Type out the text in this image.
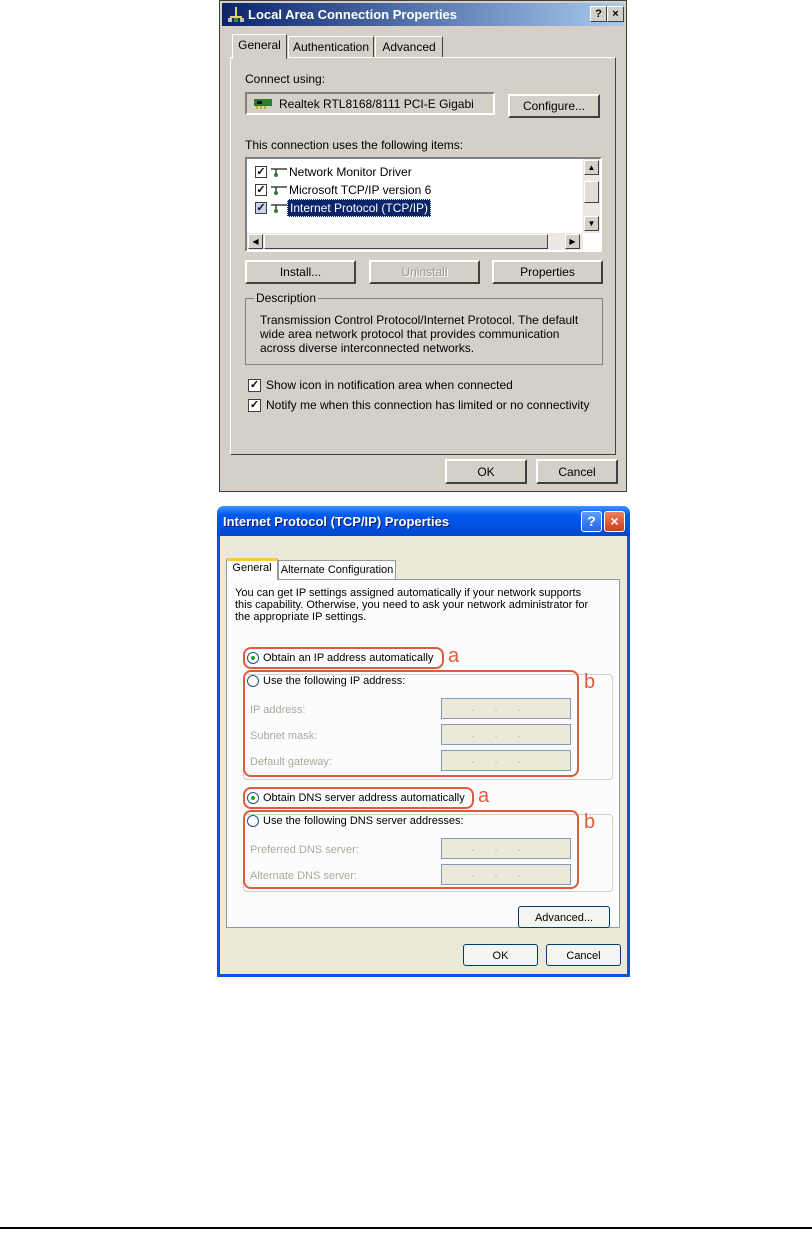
Local Area Connection Properties	? ×
General	Authentication	Advanced
Connect using:
Realtek RTL8168/8111 PCI-E Gigabi	Configure...
This connection uses the following items:
✓ Network Monitor Driver
✓ Microsoft TCP/IP version 6
✓ Internet Protocol (TCP/IP)
▲
▼
◀	▶
Install...	Uninstall	Properties
Description
Transmission Control Protocol/Internet Protocol. The default
wide area network protocol that provides communication
across diverse interconnected networks.
✓ Show icon in notification area when connected
✓ Notify me when this connection has limited or no connectivity
OK	Cancel
Internet Protocol (TCP/IP) Properties	?	×
General Alternate Configuration
You can get IP settings assigned automatically if your network supports
this capability. Otherwise, you need to ask your network administrator for
the appropriate IP settings.
Obtain an IP address automatically a
Use the following IP address:
IP address:	...
Subnet mask:	...
Default gateway:	...
b
Obtain DNS server address automatically a
Use the following DNS server addresses:
Preferred DNS server:	...
Alternate DNS server:	...
b
Advanced...
OK	Cancel
